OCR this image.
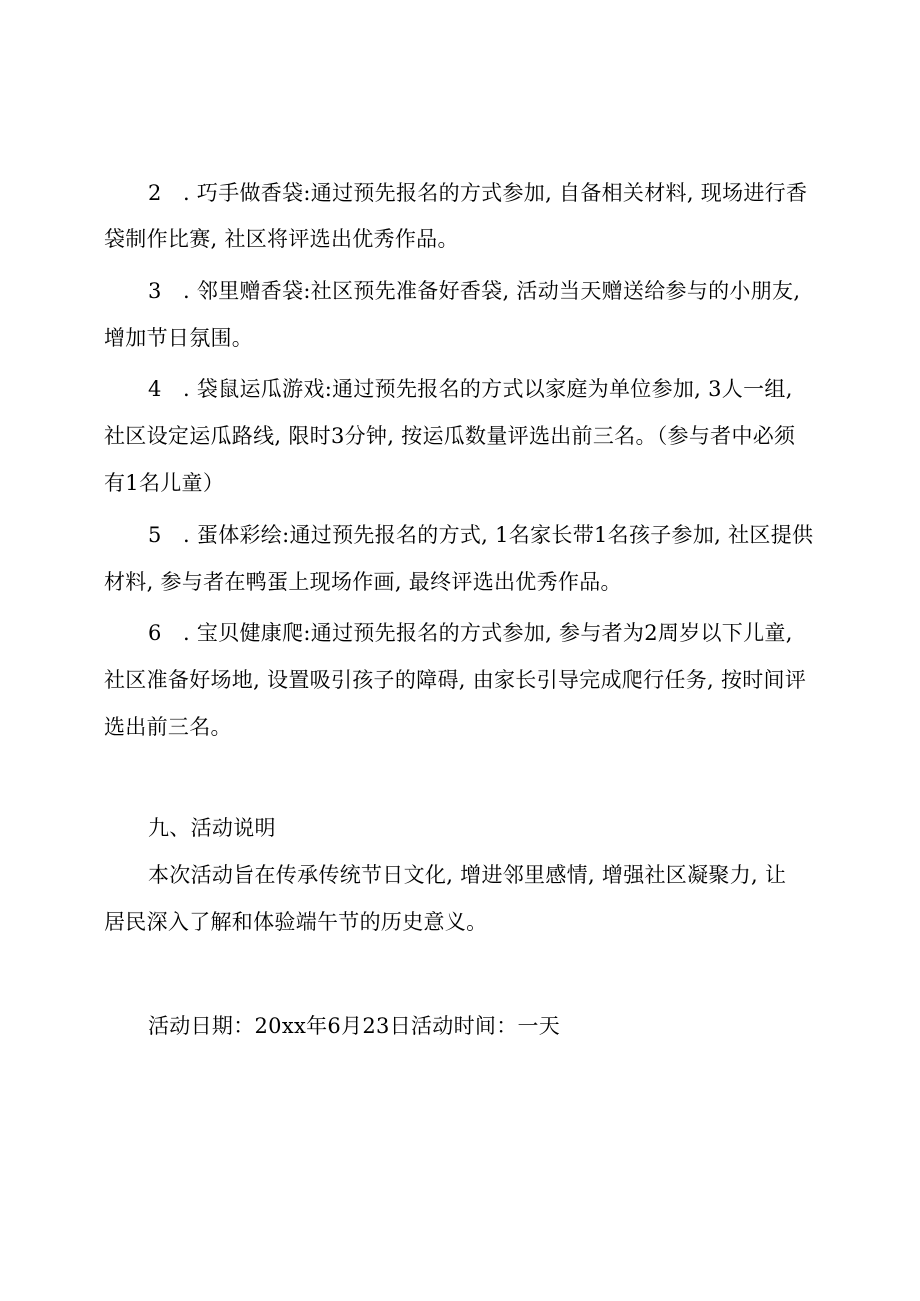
2　. 巧手做香袋:通过预先报名的方式参加, 自备相关材料, 现场进行香
袋制作比赛, 社区将评选出优秀作品。
3　. 邻里赠香袋:社区预先准备好香袋, 活动当天赠送给参与的小朋友,
增加节日氛围。
4　. 袋鼠运瓜游戏:通过预先报名的方式以家庭为单位参加, 3人一组,
社区设定运瓜路线, 限时3分钟, 按运瓜数量评选出前三名。（参与者中必须
有1名儿童）
5　. 蛋体彩绘:通过预先报名的方式, 1名家长带1名孩子参加, 社区提供
材料, 参与者在鸭蛋上现场作画, 最终评选出优秀作品。
6　. 宝贝健康爬:通过预先报名的方式参加, 参与者为2周岁以下儿童,
社区准备好场地, 设置吸引孩子的障碍, 由家长引导完成爬行任务, 按时间评
选出前三名。
九、活动说明
本次活动旨在传承传统节日文化, 增进邻里感情, 增强社区凝聚力, 让
居民深入了解和体验端午节的历史意义。
活动日期：20xx年6月23日活动时间：一天
